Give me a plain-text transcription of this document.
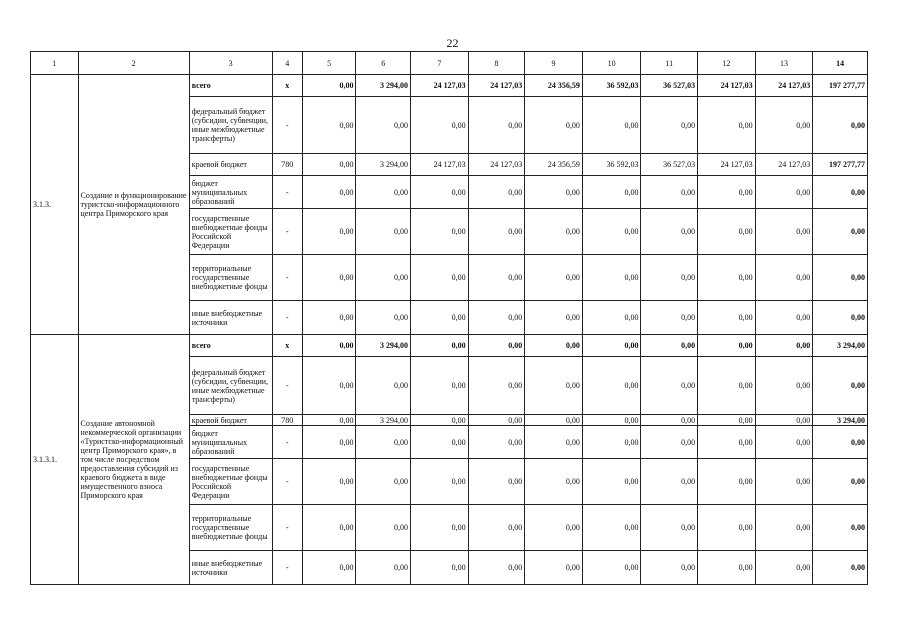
22
1	2	3	4	5	6	7	8	9	10	11	12	13	14
3.1.3.	Создание и функционирование туристско-информационного центра Приморского края	всего	x	0,00	3 294,00	24 127,03	24 127,03	24 356,59	36 592,03	36 527,03	24 127,03	24 127,03	197 277,77
		федеральный бюджет (субсидии, субвенции, иные межбюджетные трансферты)	-	0,00	0,00	0,00	0,00	0,00	0,00	0,00	0,00	0,00	0,00
		краевой бюджет	780	0,00	3 294,00	24 127,03	24 127,03	24 356,59	36 592,03	36 527,03	24 127,03	24 127,03	197 277,77
		бюджет муниципальных образований	-	0,00	0,00	0,00	0,00	0,00	0,00	0,00	0,00	0,00	0,00
		государственные внебюджетные фонды Российской Федерации	-	0,00	0,00	0,00	0,00	0,00	0,00	0,00	0,00	0,00	0,00
		территориальные государственные внебюджетные фонды	-	0,00	0,00	0,00	0,00	0,00	0,00	0,00	0,00	0,00	0,00
		иные внебюджетные источники	-	0,00	0,00	0,00	0,00	0,00	0,00	0,00	0,00	0,00	0,00
3.1.3.1.	Создание автономной некоммерческой организации «Туристско-информационный центр Приморского края», в том числе посредством предоставления субсидий из краевого бюджета в виде имущественного взноса Приморского края	всего	x	0,00	3 294,00	0,00	0,00	0,00	0,00	0,00	0,00	0,00	3 294,00
		федеральный бюджет (субсидии, субвенции, иные межбюджетные трансферты)	-	0,00	0,00	0,00	0,00	0,00	0,00	0,00	0,00	0,00	0,00
		краевой бюджет	780	0,00	3 294,00	0,00	0,00	0,00	0,00	0,00	0,00	0,00	3 294,00
		бюджет муниципальных образований	-	0,00	0,00	0,00	0,00	0,00	0,00	0,00	0,00	0,00	0,00
		государственные внебюджетные фонды Российской Федерации	-	0,00	0,00	0,00	0,00	0,00	0,00	0,00	0,00	0,00	0,00
		территориальные государственные внебюджетные фонды	-	0,00	0,00	0,00	0,00	0,00	0,00	0,00	0,00	0,00	0,00
		иные внебюджетные источники	-	0,00	0,00	0,00	0,00	0,00	0,00	0,00	0,00	0,00	0,00
